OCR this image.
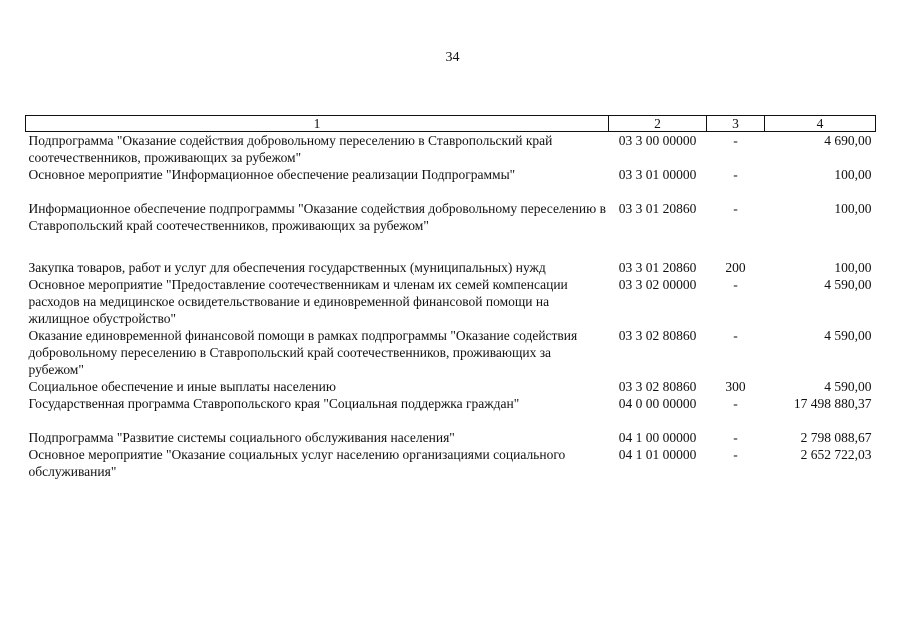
34
1	2	3	4
Подпрограмма "Оказание содействия добровольному переселению в Ставропольский край соотечественников, проживающих за рубежом"	03 3 00 00000	-	4 690,00
Основное мероприятие "Информационное обеспечение реализации Подпрограммы"	03 3 01 00000	-	100,00
Информационное обеспечение подпрограммы "Оказание содействия добровольному переселению в Ставропольский край соотечественников, проживающих за рубежом"	03 3 01 20860	-	100,00
Закупка товаров, работ и услуг для обеспечения государственных (муниципальных) нужд	03 3 01 20860	200	100,00
Основное мероприятие "Предоставление соотечественникам и членам их семей компенсации расходов на медицинское освидетельствование и единовременной финансовой помощи на жилищное обустройство"	03 3 02 00000	-	4 590,00
Оказание единовременной финансовой помощи в рамках подпрограммы "Оказание содействия добровольному переселению в Ставропольский край соотечественников, проживающих за рубежом"	03 3 02 80860	-	4 590,00
Социальное обеспечение и иные выплаты населению	03 3 02 80860	300	4 590,00
Государственная программа Ставропольского края "Социальная поддержка граждан"	04 0 00 00000	-	17 498 880,37
Подпрограмма "Развитие системы социального обслуживания населения"	04 1 00 00000	-	2 798 088,67
Основное мероприятие "Оказание социальных услуг населению организациями социального обслуживания"	04 1 01 00000	-	2 652 722,03
